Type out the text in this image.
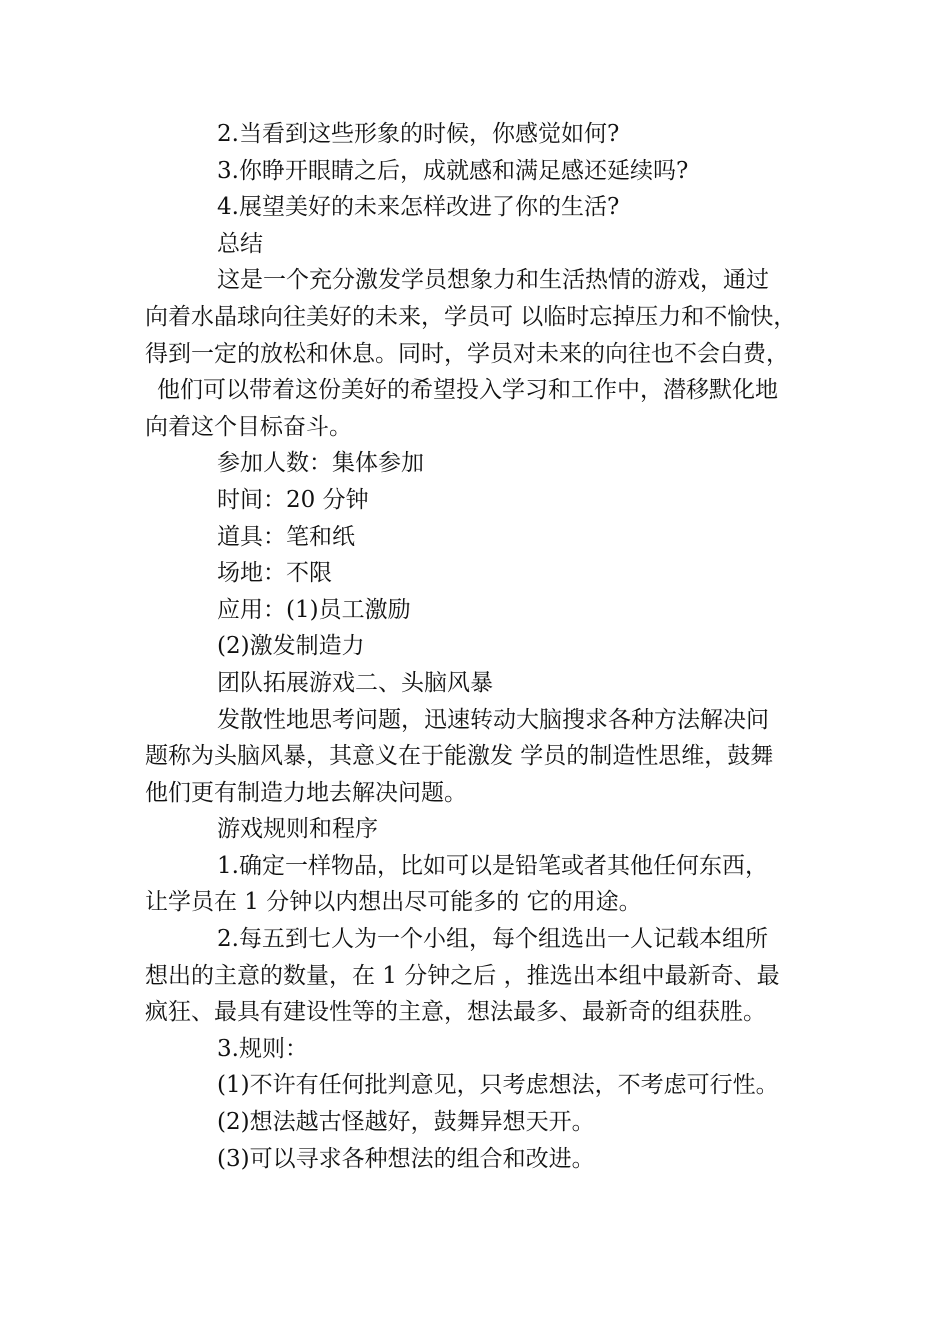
2.当看到这些形象的时候，你感觉如何?

3.你睁开眼睛之后，成就感和满足感还延续吗?

4.展望美好的未来怎样改进了你的生活?

总结

这是一个充分激发学员想象力和生活热情的游戏，通过
向着水晶球向往美好的未来，学员可 以临时忘掉压力和不愉快，
得到一定的放松和休息。同时，学员对未来的向往也不会白费，
他们可以带着这份美好的希望投入学习和工作中，潜移默化地
向着这个目标奋斗。

参加人数：集体参加

时间：20 分钟

道具：笔和纸

场地：不限

应用：(1)员工激励

(2)激发制造力

团队拓展游戏二、头脑风暴

发散性地思考问题，迅速转动大脑搜求各种方法解决问
题称为头脑风暴，其意义在于能激发 学员的制造性思维，鼓舞
他们更有制造力地去解决问题。

游戏规则和程序

1.确定一样物品，比如可以是铅笔或者其他任何东西，
让学员在 1 分钟以内想出尽可能多的 它的用途。

2.每五到七人为一个小组，每个组选出一人记载本组所
想出的主意的数量，在 1 分钟之后 ，推选出本组中最新奇、最
疯狂、最具有建设性等的主意，想法最多、最新奇的组获胜。

3.规则：

(1)不许有任何批判意见，只考虑想法，不考虑可行性。

(2)想法越古怪越好，鼓舞异想天开。

(3)可以寻求各种想法的组合和改进。
